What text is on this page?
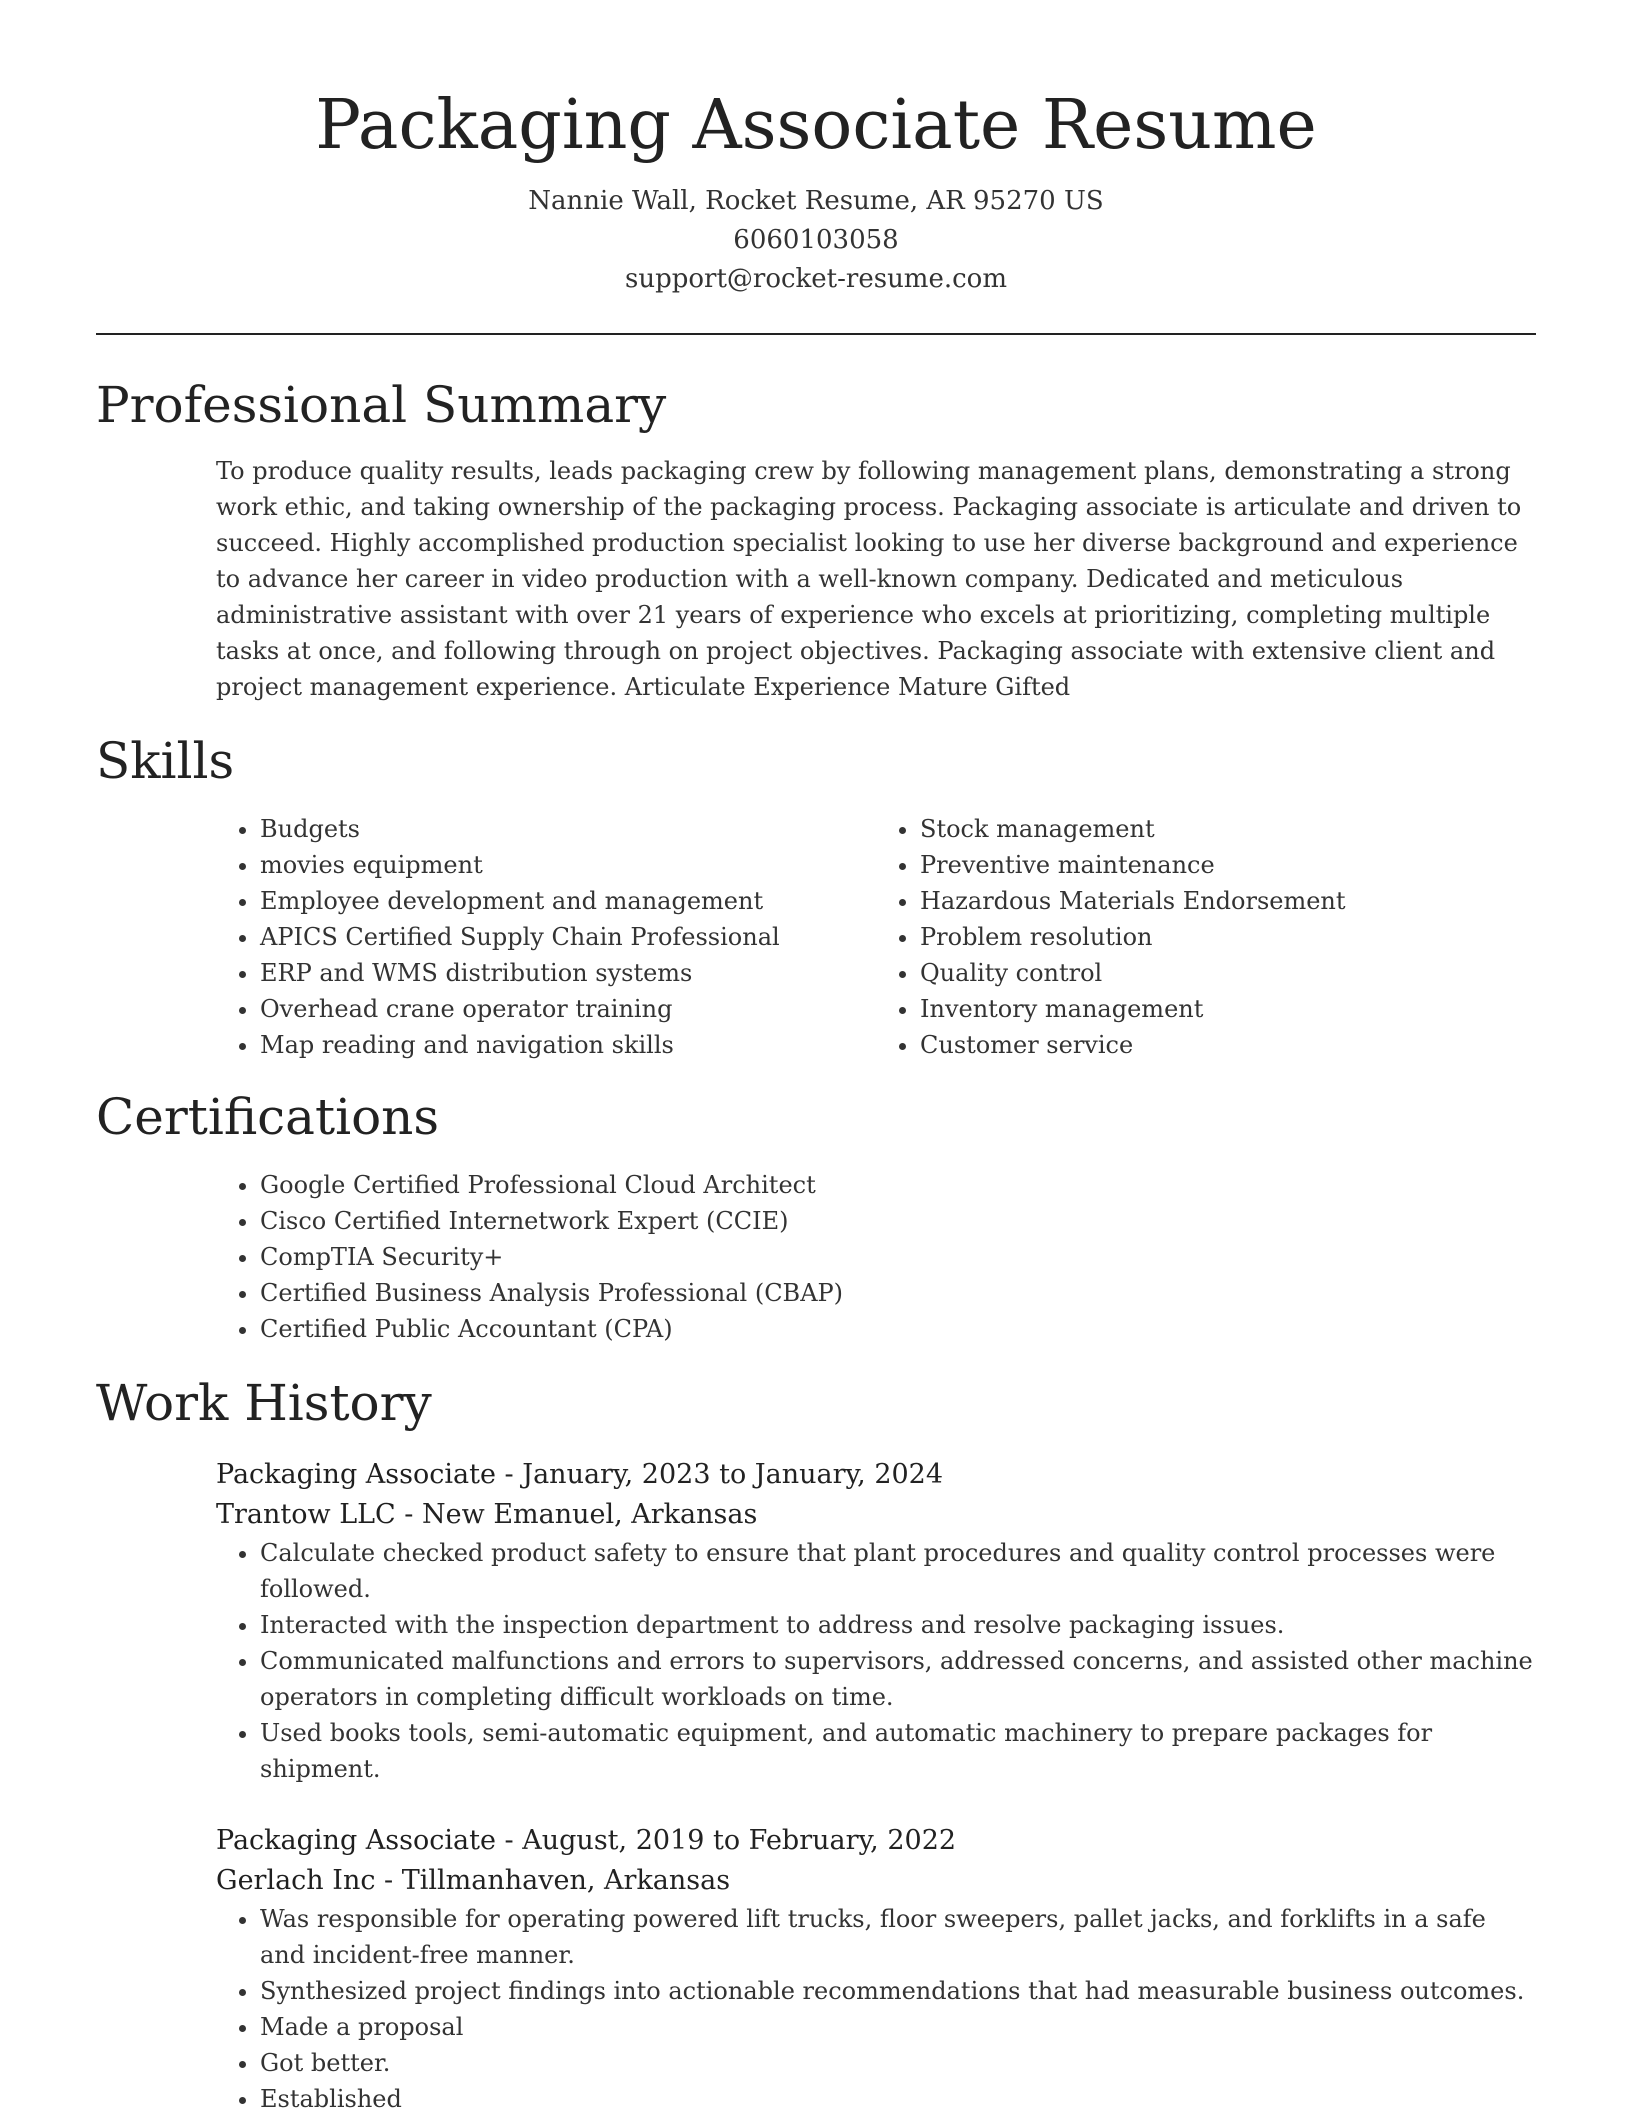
Packaging Associate Resume
Nannie Wall, Rocket Resume, AR 95270 US
6060103058
support@rocket-resume.com
Professional Summary

To produce quality results, leads packaging crew by following management plans, demonstrating a strong work ethic, and taking ownership of the packaging process. Packaging associate is articulate and driven to succeed. Highly accomplished production specialist looking to use her diverse background and experience to advance her career in video production with a well-known company. Dedicated and meticulous administrative assistant with over 21 years of experience who excels at prioritizing, completing multiple tasks at once, and following through on project objectives. Packaging associate with extensive client and project management experience. Articulate Experience Mature Gifted

Skills
• Budgets
• movies equipment
• Employee development and management
• APICS Certified Supply Chain Professional
• ERP and WMS distribution systems
• Overhead crane operator training
• Map reading and navigation skills
• Stock management
• Preventive maintenance
• Hazardous Materials Endorsement
• Problem resolution
• Quality control
• Inventory management
• Customer service
Certifications
• Google Certified Professional Cloud Architect
• Cisco Certified Internetwork Expert (CCIE)
• CompTIA Security+
• Certified Business Analysis Professional (CBAP)
• Certified Public Accountant (CPA)
Work History
Packaging Associate - January, 2023 to January, 2024
Trantow LLC - New Emanuel, Arkansas
• Calculate checked product safety to ensure that plant procedures and quality control processes were followed.
• Interacted with the inspection department to address and resolve packaging issues.
• Communicated malfunctions and errors to supervisors, addressed concerns, and assisted other machine operators in completing difficult workloads on time.
• Used books tools, semi-automatic equipment, and automatic machinery to prepare packages for shipment.
Packaging Associate - August, 2019 to February, 2022
Gerlach Inc - Tillmanhaven, Arkansas
• Was responsible for operating powered lift trucks, floor sweepers, pallet jacks, and forklifts in a safe and incident-free manner.
• Synthesized project findings into actionable recommendations that had measurable business outcomes.
• Made a proposal
• Got better.
• Established
